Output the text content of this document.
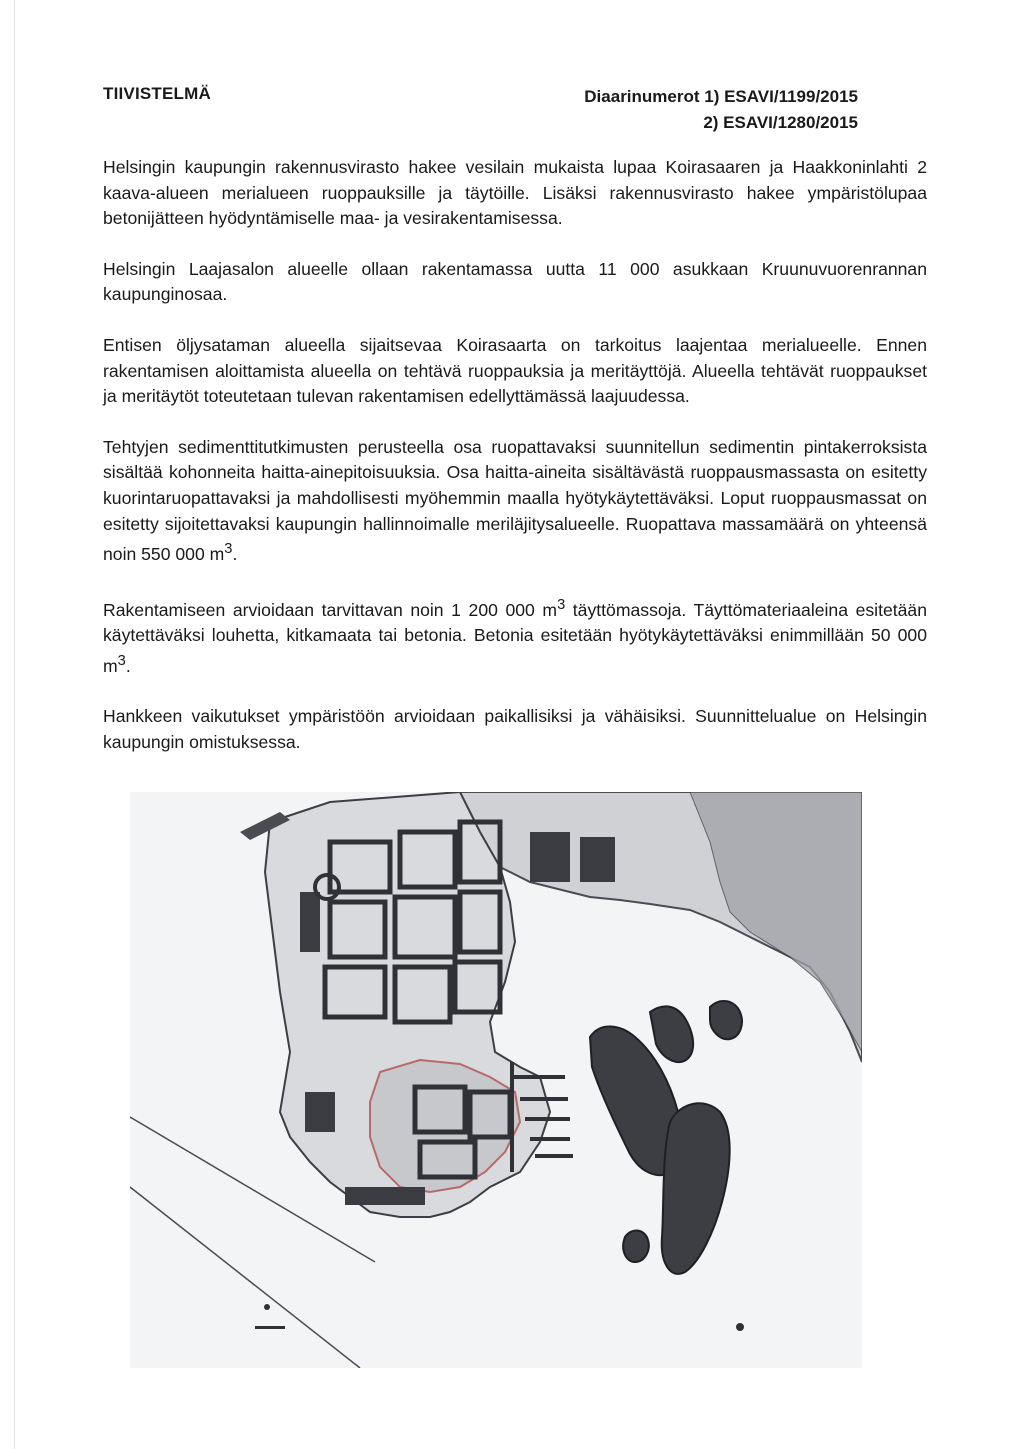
TIIVISTELMÄ	Diaarinumerot 1) ESAVI/1199/2015
2) ESAVI/1280/2015

Helsingin kaupungin rakennusvirasto hakee vesilain mukaista lupaa Koirasaaren ja Haakkoninlahti 2 kaava-alueen merialueen ruoppauksille ja täytöille. Lisäksi rakennusvirasto hakee ympäristölupaa betonijätteen hyödyntämiselle maa- ja vesirakentamisessa.

Helsingin Laajasalon alueelle ollaan rakentamassa uutta 11 000 asukkaan Kruunuvuorenrannan kaupunginosaa.

Entisen öljysataman alueella sijaitsevaa Koirasaarta on tarkoitus laajentaa merialueelle. Ennen rakentamisen aloittamista alueella on tehtävä ruoppauksia ja meritäyttöjä. Alueella tehtävät ruoppaukset ja meritäytöt toteutetaan tulevan rakentamisen edellyttämässä laajuudessa.

Tehtyjen sedimenttitutkimusten perusteella osa ruopattavaksi suunnitellun sedimentin pintakerroksista sisältää kohonneita haitta-ainepitoisuuksia. Osa haitta-aineita sisältävästä ruoppausmassasta on esitetty kuorintaruopattavaksi ja mahdollisesti myöhemmin maalla hyötykäytettäväksi. Loput ruoppausmassat on esitetty sijoitettavaksi kaupungin hallinnoimalle meriläjitysalueelle. Ruopattava massamäärä on yhteensä noin 550 000 $m^3$.

Rakentamiseen arvioidaan tarvittavan noin 1 200 000 $m^3$ täyttömassoja. Täyttömateriaaleina esitetään käytettäväksi louhetta, kitkamaata tai betonia. Betonia esitetään hyötykäytettäväksi enimmillään 50 000 $m^3$.

Hankkeen vaikutukset ympäristöön arvioidaan paikallisiksi ja vähäisiksi. Suunnittelualue on Helsingin kaupungin omistuksessa.
